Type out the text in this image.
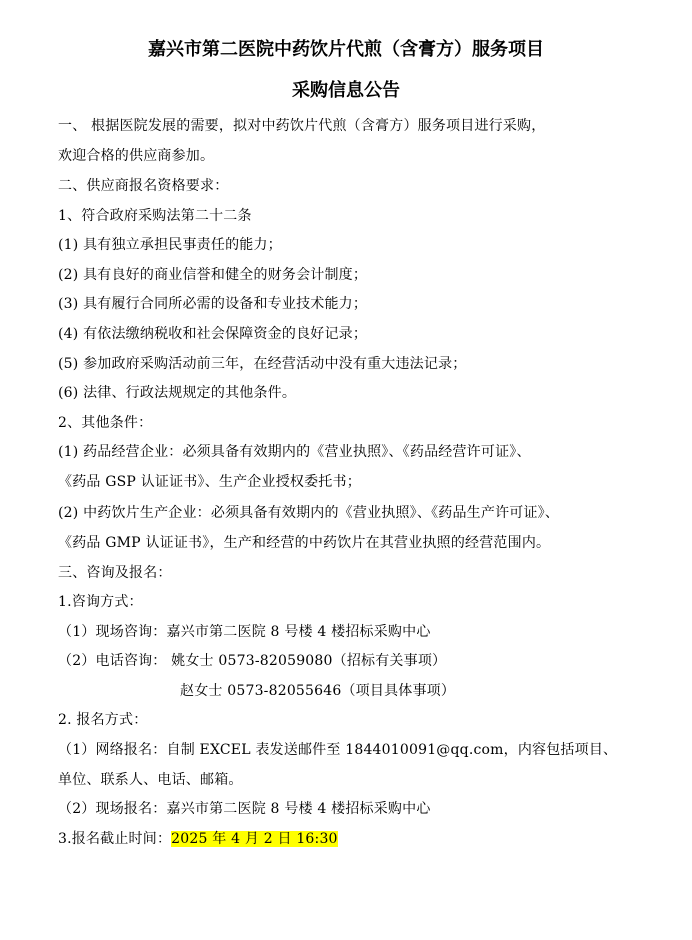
嘉兴市第二医院中药饮片代煎（含膏方）服务项目
采购信息公告
一、 根据医院发展的需要，拟对中药饮片代煎（含膏方）服务项目进行采购，
欢迎合格的供应商参加。
二、供应商报名资格要求：
1、符合政府采购法第二十二条
(1) 具有独立承担民事责任的能力；
(2) 具有良好的商业信誉和健全的财务会计制度；
(3) 具有履行合同所必需的设备和专业技术能力；
(4) 有依法缴纳税收和社会保障资金的良好记录；
(5) 参加政府采购活动前三年，在经营活动中没有重大违法记录；
(6) 法律、行政法规规定的其他条件。
2、其他条件：
(1) 药品经营企业：必须具备有效期内的《营业执照》、《药品经营许可证》、
《药品 GSP 认证证书》、生产企业授权委托书；
(2) 中药饮片生产企业：必须具备有效期内的《营业执照》、《药品生产许可证》、
《药品 GMP 认证证书》，生产和经营的中药饮片在其营业执照的经营范围内。
三、咨询及报名：
1.咨询方式：
（1）现场咨询：嘉兴市第二医院 8 号楼 4 楼招标采购中心
（2）电话咨询： 姚女士 0573-82059080（招标有关事项）
赵女士 0573-82055646（项目具体事项）
2. 报名方式：
（1）网络报名：自制 EXCEL 表发送邮件至 1844010091@qq.com，内容包括项目、
单位、联系人、电话、邮箱。
（2）现场报名：嘉兴市第二医院 8 号楼 4 楼招标采购中心
3.报名截止时间：2025 年 4 月 2 日 16:30
